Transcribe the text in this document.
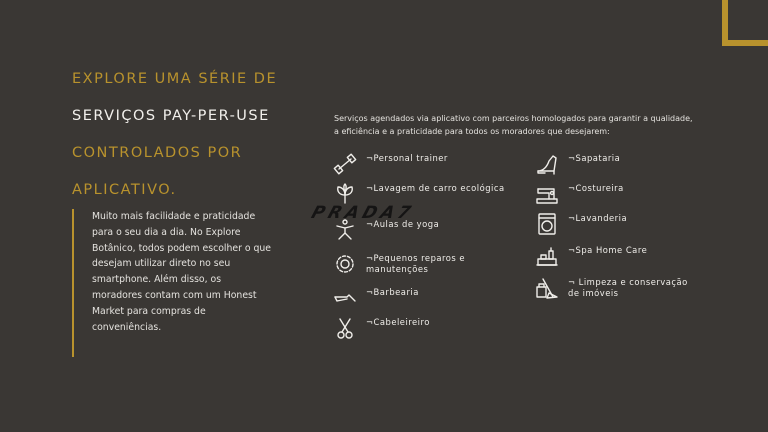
EXPLORE UMA SÉRIE DE
SERVIÇOS PAY-PER-USE
CONTROLADOS POR
APLICATIVO.
Muito mais facilidade e praticidade para o seu dia a dia. No Explore Botânico, todos podem escolher o que desejam utilizar direto no seu smartphone. Além disso, os moradores contam com um Honest Market para compras de conveniências.
Serviços agendados via aplicativo com parceiros homologados para garantir a qualidade, a eficiência e a praticidade para todos os moradores que desejarem:
PRADA7
¬Personal trainer
¬Lavagem de carro ecológica
¬Aulas de yoga
¬Pequenos reparos e
manutenções
¬Barbearia
¬Cabeleireiro
¬Sapataria
¬Costureira
¬Lavanderia
¬Spa Home Care
¬ Limpeza e conservação
de imóveis
